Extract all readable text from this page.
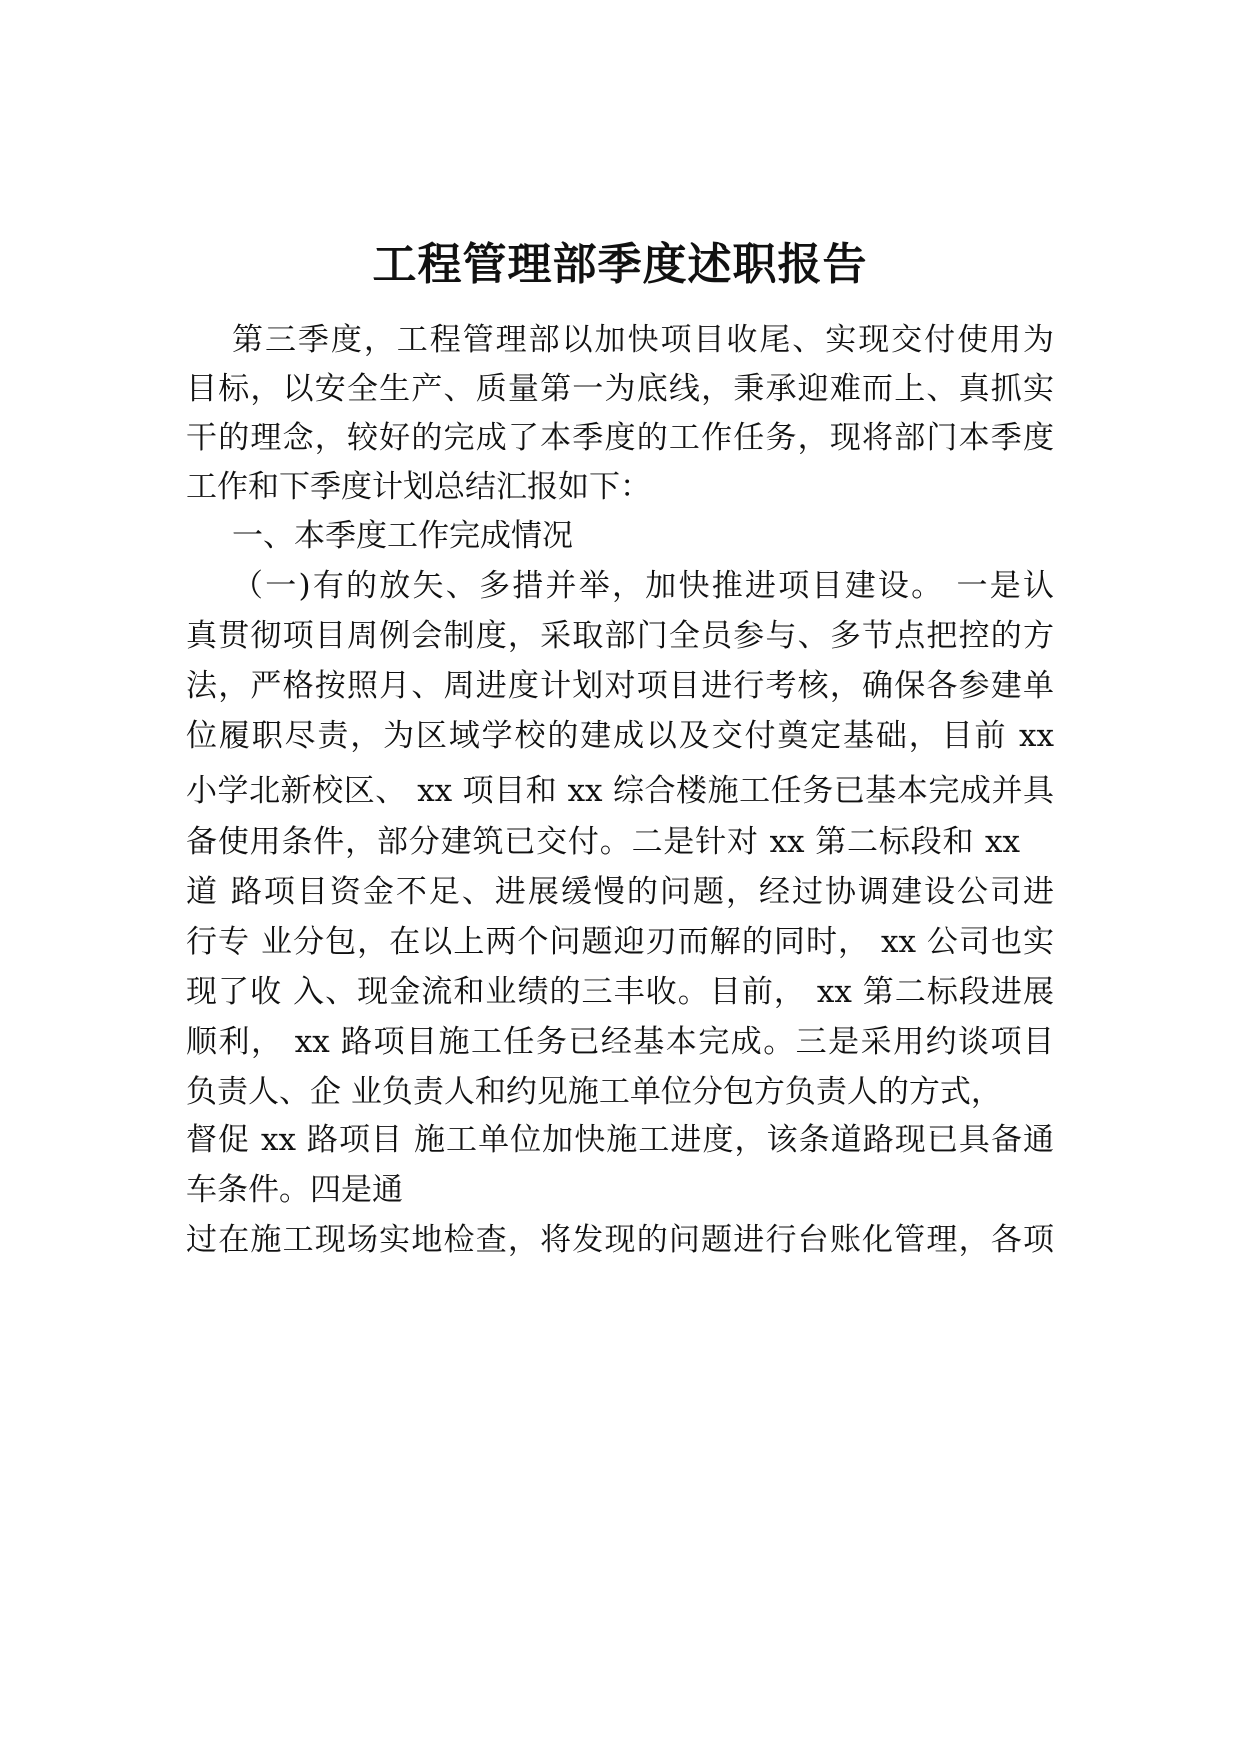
工程管理部季度述职报告
第三季度，工程管理部以加快项目收尾、实现交付使用为
目标，以安全生产、质量第一为底线，秉承迎难而上、真抓实
干的理念，较好的完成了本季度的工作任务，现将部门本季度
工作和下季度计划总结汇报如下：
一、本季度工作完成情况
（一)有的放矢、多措并举，加快推进项目建设。 一是认
真贯彻项目周例会制度，采取部门全员参与、多节点把控的方
法，严格按照月、周进度计划对项目进行考核，确保各参建单
位履职尽责，为区域学校的建成以及交付奠定基础，目前 xx
小学北新校区、 xx 项目和 xx 综合楼施工任务已基本完成并具
备使用条件，部分建筑已交付。二是针对 xx 第二标段和 xx
道 路项目资金不足、进展缓慢的问题，经过协调建设公司进
行专 业分包，在以上两个问题迎刃而解的同时， xx 公司也实
现了收 入、现金流和业绩的三丰收。目前， xx 第二标段进展
顺利， xx 路项目施工任务已经基本完成。三是采用约谈项目
负责人、企 业负责人和约见施工单位分包方负责人的方式，
督促 xx 路项目 施工单位加快施工进度，该条道路现已具备通
车条件。四是通
过在施工现场实地检查，将发现的问题进行台账化管理，各项
